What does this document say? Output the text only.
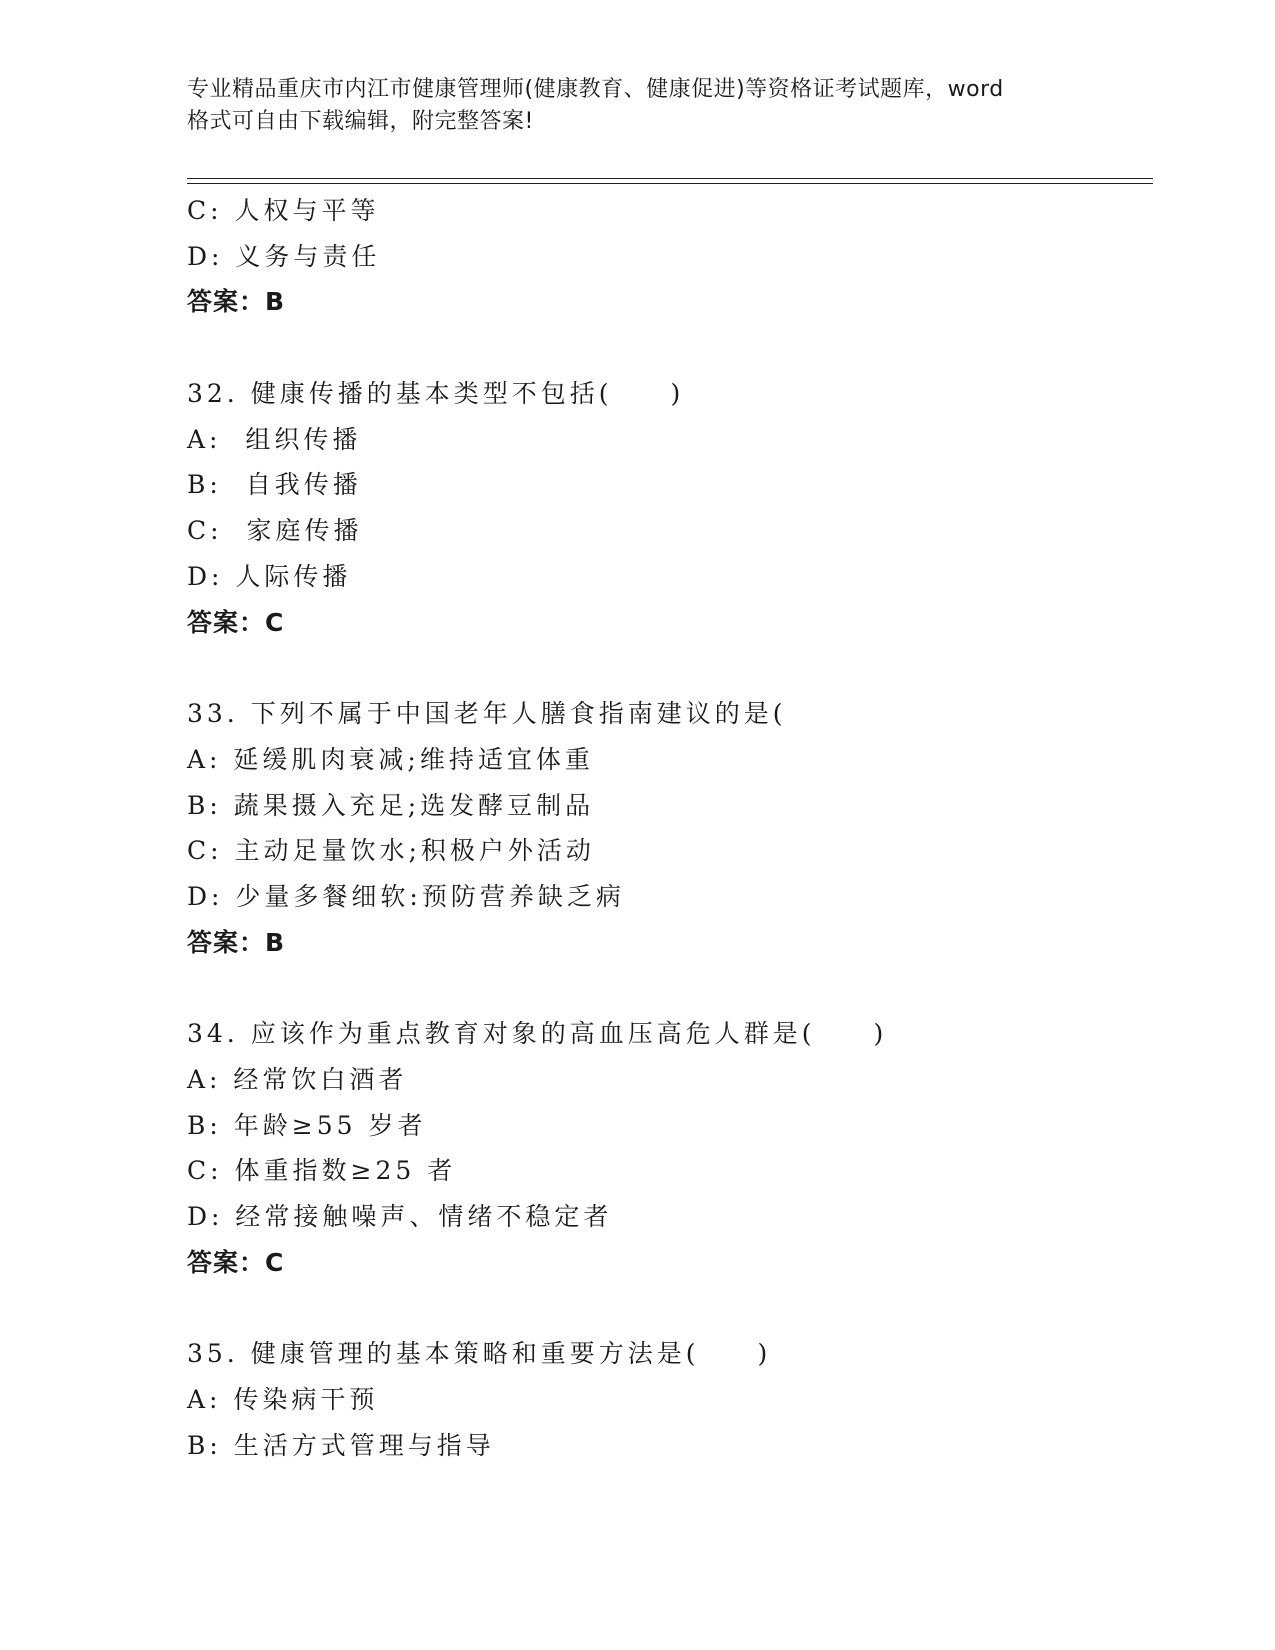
专业精品重庆市内江市健康管理师(健康教育、健康促进)等资格证考试题库，word
格式可自由下载编辑，附完整答案!
C: 人权与平等
D: 义务与责任
答案：B
32. 健康传播的基本类型不包括(　　)
A:  组织传播
B:  自我传播
C:  家庭传播
D: 人际传播
答案：C
33. 下列不属于中国老年人膳食指南建议的是(
A: 延缓肌肉衰减;维持适宜体重
B: 蔬果摄入充足;选发酵豆制品
C: 主动足量饮水;积极户外活动
D: 少量多餐细软:预防营养缺乏病
答案：B
34. 应该作为重点教育对象的高血压高危人群是(　　)
A: 经常饮白酒者
B: 年龄≥55 岁者
C: 体重指数≥25 者
D: 经常接触噪声、情绪不稳定者
答案：C
35. 健康管理的基本策略和重要方法是(　　)
A: 传染病干预
B: 生活方式管理与指导
